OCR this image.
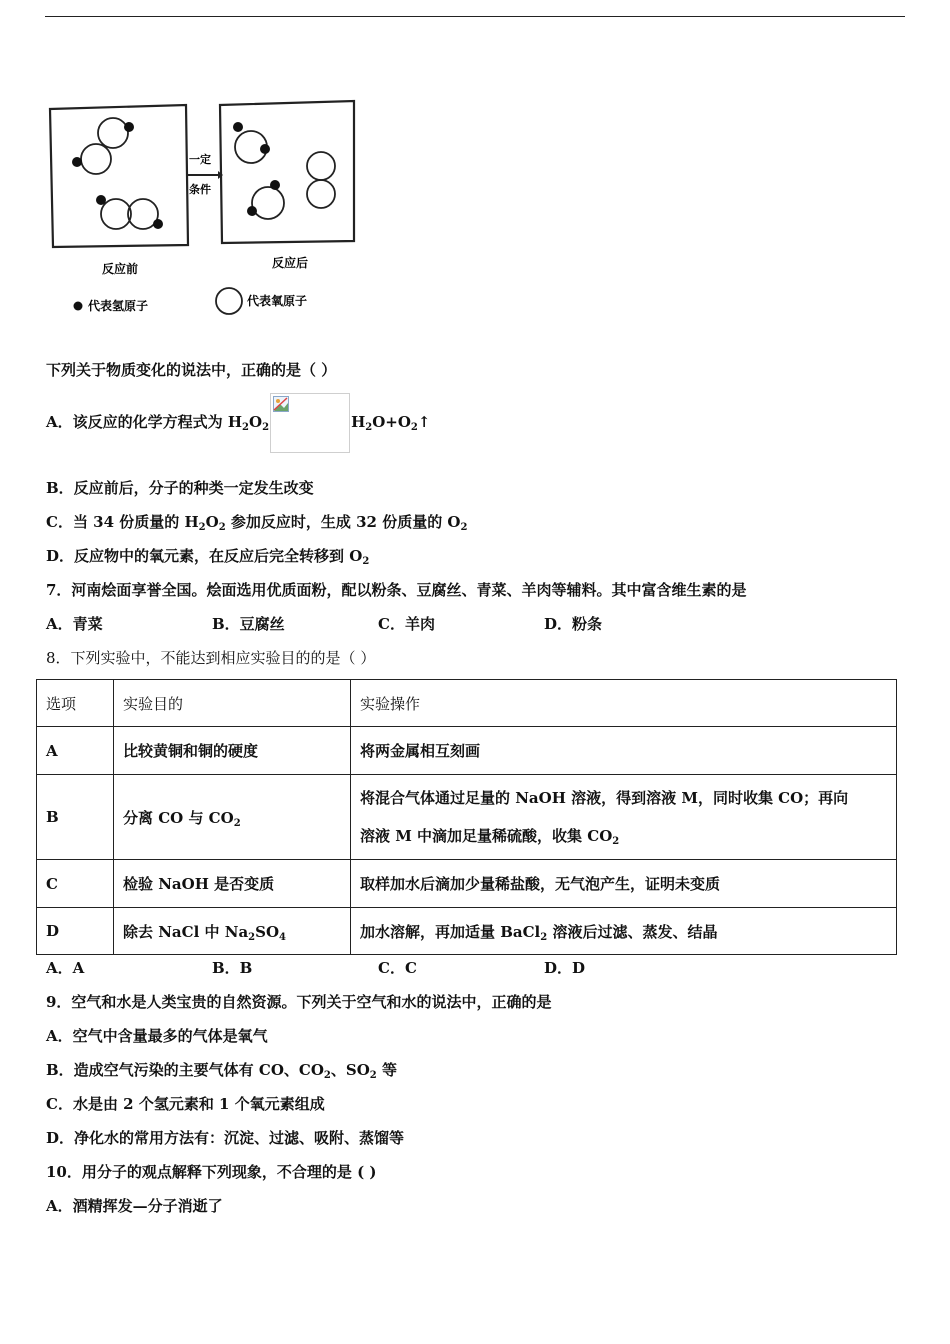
一定
条件
反应前	反应后
代表氢原子	代表氧原子
下列关于物质变化的说法中，正确的是（ ）
A．该反应的化学方程式为 $H_2O_2$	$H_2O+O_2↑$
B．反应前后，分子的种类一定发生改变
C．当 34 份质量的 $H_2O_2$ 参加反应时，生成 32 份质量的 $O_2$
D．反应物中的氧元素，在反应后完全转移到 $O_2$
7．河南烩面享誉全国。烩面选用优质面粉，配以粉条、豆腐丝、青菜、羊肉等辅料。其中富含维生素的是
A．青菜	B．豆腐丝	C．羊肉	D．粉条
8．下列实验中，不能达到相应实验目的的是（ ）
选项	实验目的	实验操作
A	比较黄铜和铜的硬度	将两金属相互刻画
B	分离 CO 与 $CO_2$	将混合气体通过足量的 NaOH 溶液，得到溶液 M，同时收集 CO；再向
溶液 M 中滴加足量稀硫酸，收集 $CO_2$

C	检验 NaOH 是否变质	取样加水后滴加少量稀盐酸，无气泡产生，证明未变质
D	除去 NaCl 中 $Na_2SO_4$	加水溶解，再加适量 BaCl$_2$ 溶液后过滤、蒸发、结晶
A．A	B．B	C．C	D．D
9．空气和水是人类宝贵的自然资源。下列关于空气和水的说法中，正确的是
A．空气中含量最多的气体是氧气
B．造成空气污染的主要气体有 CO、$CO_2$、$SO_2$ 等
C．水是由 2 个氢元素和 1 个氧元素组成
D．净化水的常用方法有：沉淀、过滤、吸附、蒸馏等
10．用分子的观点解释下列现象，不合理的是 ( )
A．酒精挥发—分子消逝了
